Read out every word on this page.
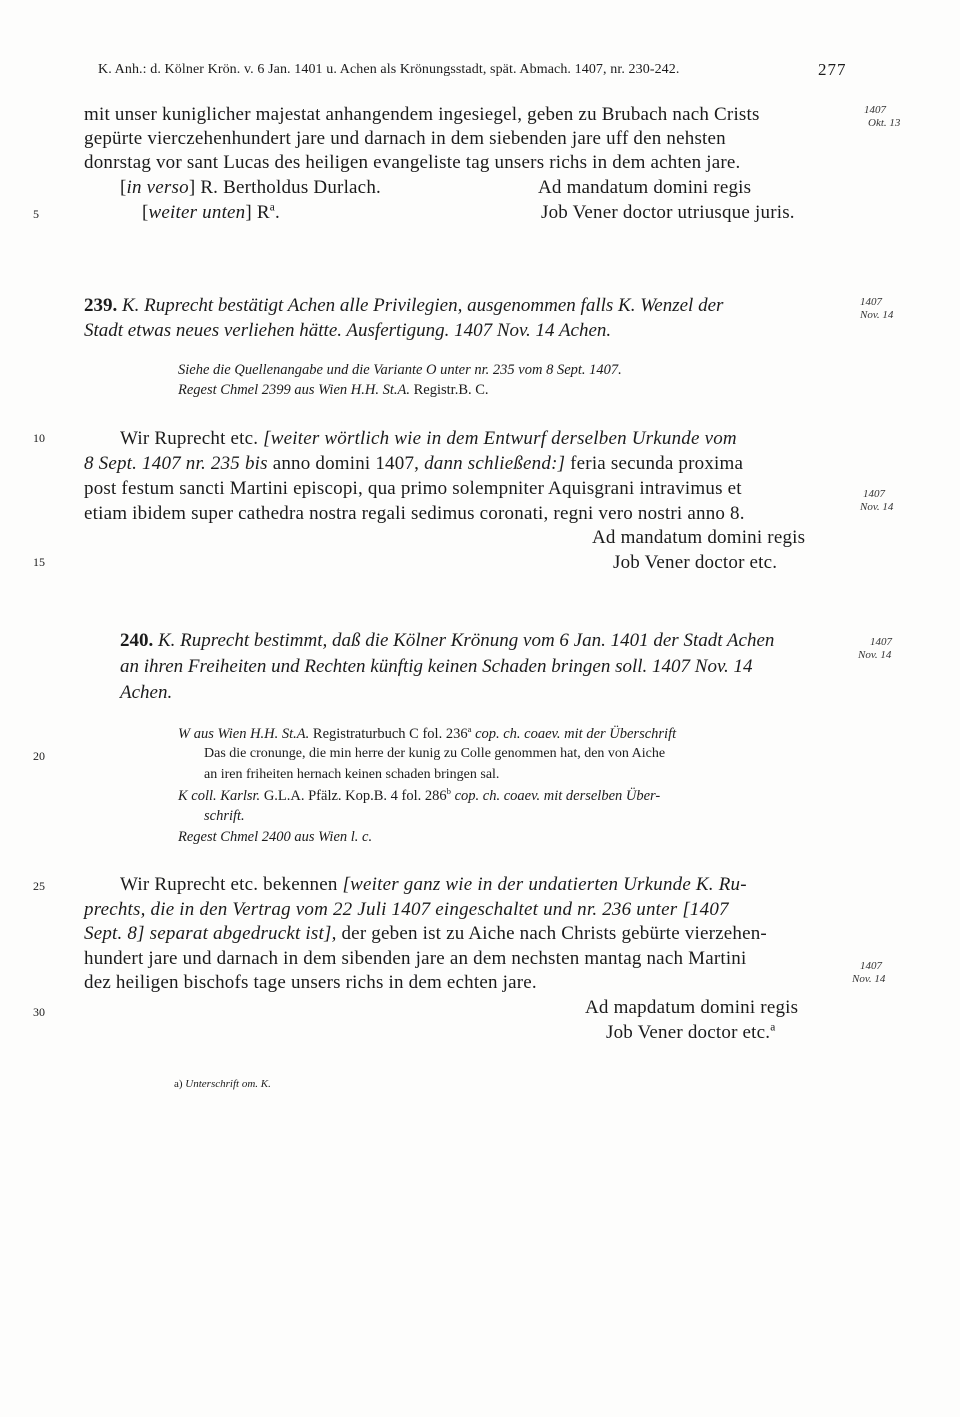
K. Anh.: d. Kölner Krön. v. 6 Jan. 1401 u. Achen als Krönungsstadt, spät. Abmach. 1407, nr. 230-242.	277
mit unser kuniglicher majestat anhangendem ingesiegel, geben zu Brubach nach Crists
gepürte vierczehenhundert jare und darnach in dem siebenden jare uff den nehsten
donrstag vor sant Lucas des heiligen evangeliste tag unsers richs in dem achten jare.
1407
Okt. 13
[in verso] R. Bertholdus Durlach.	Ad mandatum domini regis
[weiter unten] $R^a$.	Job Vener doctor utriusque juris.
239. K. Ruprecht bestätigt Achen alle Privilegien, ausgenommen falls K. Wenzel der
Stadt etwas neues verliehen hätte. Ausfertigung. 1407 Nov. 14 Achen.
1407
Nov. 14
Siehe die Quellenangabe und die Variante O unter nr. 235 vom 8 Sept. 1407.
Regest Chmel 2399 aus Wien H.H. St.A. Registr.B. C.
Wir Ruprecht etc. [weiter wörtlich wie in dem Entwurf derselben Urkunde vom
8 Sept. 1407 nr. 235 bis anno domini 1407, dann schließend:] feria secunda proxima
post festum sancti Martini episcopi, qua primo solempniter Aquisgrani intravimus et
etiam ibidem super cathedra nostra regali sedimus coronati, regni vero nostri anno 8.
Ad mandatum domini regis
Job Vener doctor etc.
1407
Nov. 14
240. K. Ruprecht bestimmt, daß die Kölner Krönung vom 6 Jan. 1401 der Stadt Achen
an ihren Freiheiten und Rechten künftig keinen Schaden bringen soll. 1407 Nov. 14
Achen.
1407
Nov. 14
W aus Wien H.H. St.A. Registraturbuch C fol. 236$^a$ cop. ch. coaev. mit der Überschrift
Das die cronunge, die min herre der kunig zu Colle genommen hat, den von Aiche
an iren friheiten hernach keinen schaden bringen sal.
K coll. Karlsr. G.L.A. Pfälz. Kop.B. 4 fol. 286$^b$ cop. ch. coaev. mit derselben Über-
schrift.
Regest Chmel 2400 aus Wien l. c.
Wir Ruprecht etc. bekennen [weiter ganz wie in der undatierten Urkunde K. Ru-
prechts, die in den Vertrag vom 22 Juli 1407 eingeschaltet und nr. 236 unter [1407
Sept. 8] separat abgedruckt ist], der geben ist zu Aiche nach Christs gebürte vierzehen-
hundert jare und darnach in dem sibenden jare an dem nechsten mantag nach Martini
dez heiligen bischofs tage unsers richs in dem echten jare.
Ad mapdatum domini regis
Job Vener doctor etc.$^a$
1407
Nov. 14
5
10
15
20
25
30
a) Unterschrift om. K.
